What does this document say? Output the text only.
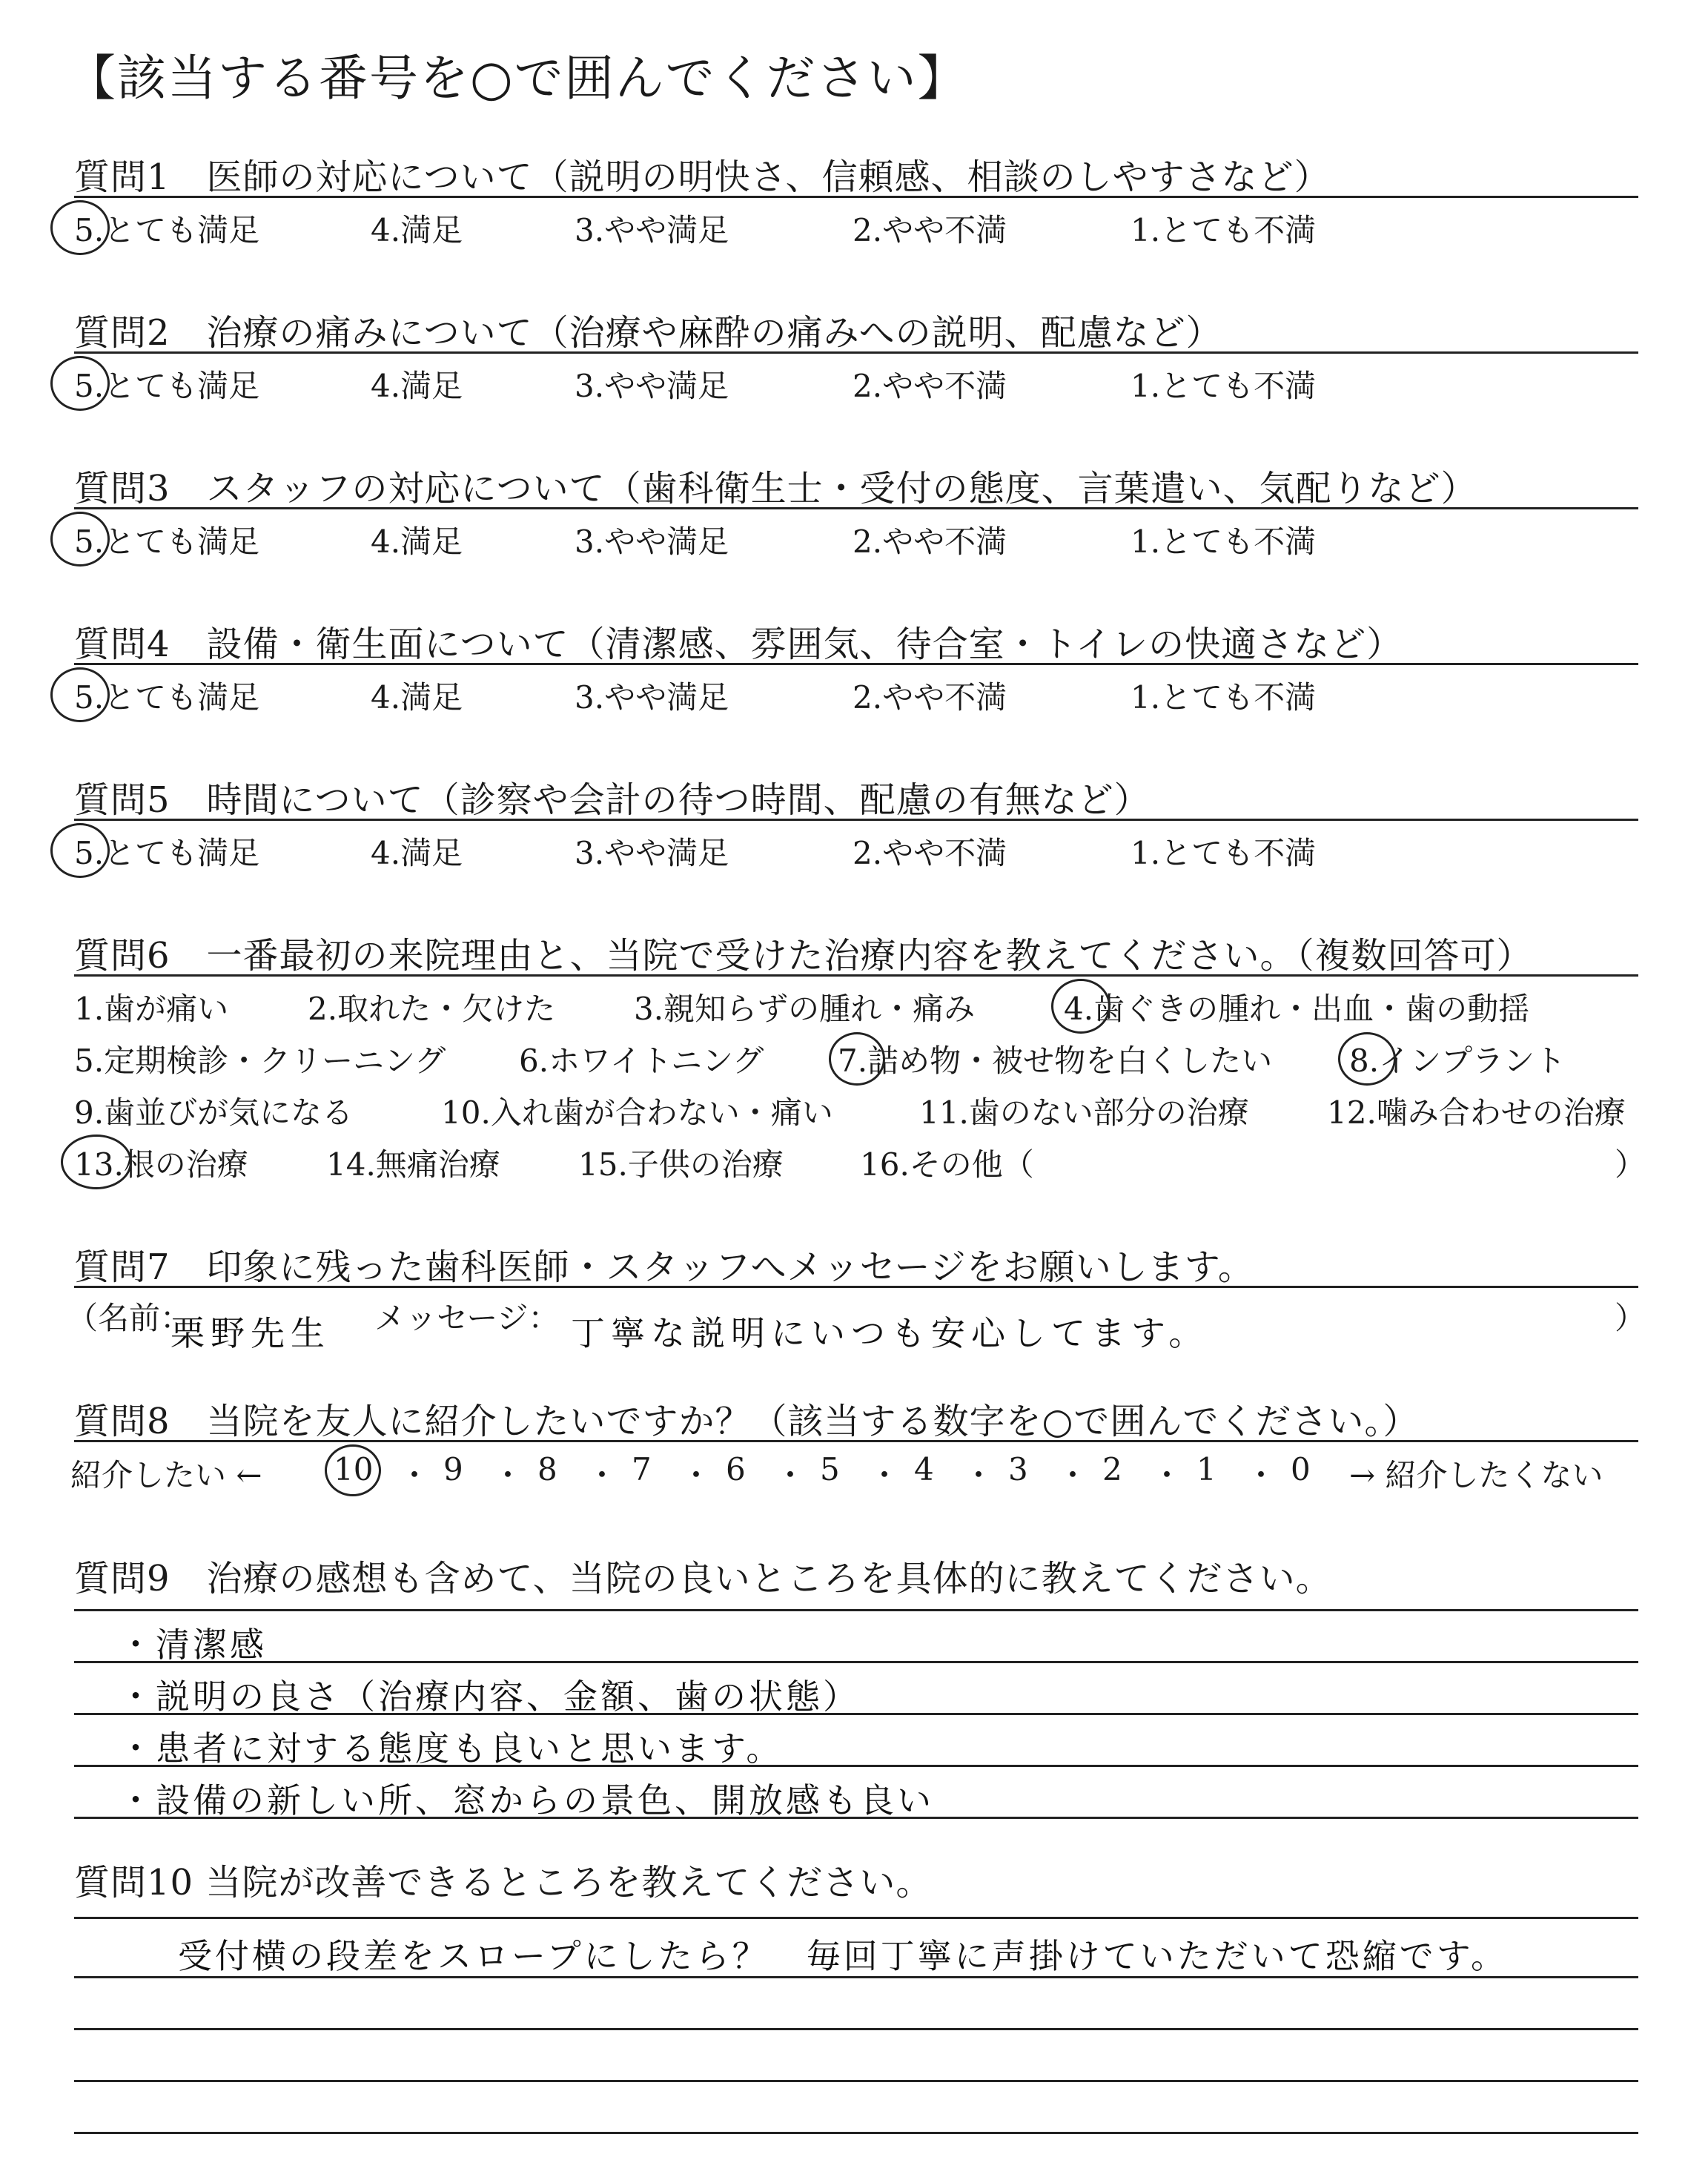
【該当する番号を○で囲んでください】
質問1　医師の対応について（説明の明快さ、信頼感、相談のしやすさなど）
5.とても満足	4.満足	3.やや満足	2.やや不満	1.とても不満
質問2　治療の痛みについて（治療や麻酔の痛みへの説明、配慮など）
5.とても満足	4.満足	3.やや満足	2.やや不満	1.とても不満
質問3　スタッフの対応について（歯科衛生士・受付の態度、言葉遣い、気配りなど）
5.とても満足	4.満足	3.やや満足	2.やや不満	1.とても不満
質問4　設備・衛生面について（清潔感、雰囲気、待合室・トイレの快適さなど）
5.とても満足	4.満足	3.やや満足	2.やや不満	1.とても不満
質問5　時間について（診察や会計の待つ時間、配慮の有無など）
5.とても満足	4.満足	3.やや満足	2.やや不満	1.とても不満
質問6　一番最初の来院理由と、当院で受けた治療内容を教えてください。（複数回答可）
1.歯が痛い	2.取れた・欠けた	3.親知らずの腫れ・痛み	4.歯ぐきの腫れ・出血・歯の動揺
5.定期検診・クリーニング 6.ホワイトニング 7.詰め物・被せ物を白くしたい 8.インプラント
9.歯並びが気になる	10.入れ歯が合わない・痛い	11.歯のない部分の治療	12.噛み合わせの治療
13.根の治療	14.無痛治療	15.子供の治療 16.その他（	）
質問7　印象に残った歯科医師・スタッフへメッセージをお願いします。
（名前：
栗野先生 メッセージ： 丁寧な説明にいつも安心してます。	）
質問8　当院を友人に紹介したいですか？（該当する数字を○で囲んでください。）
紹介したい ← 10 ・ 9 ・ 8 ・ 7 ・ 6 ・ 5 ・ 4 ・ 3 ・ 2 ・ 1 ・ 0 → 紹介したくない
質問9　治療の感想も含めて、当院の良いところを具体的に教えてください。
・清潔感
・説明の良さ（治療内容、金額、歯の状態）
・患者に対する態度も良いと思います。
・設備の新しい所、窓からの景色、開放感も良い
質問10 当院が改善できるところを教えてください。
受付横の段差をスロープにしたら？　毎回丁寧に声掛けていただいて恐縮です。
